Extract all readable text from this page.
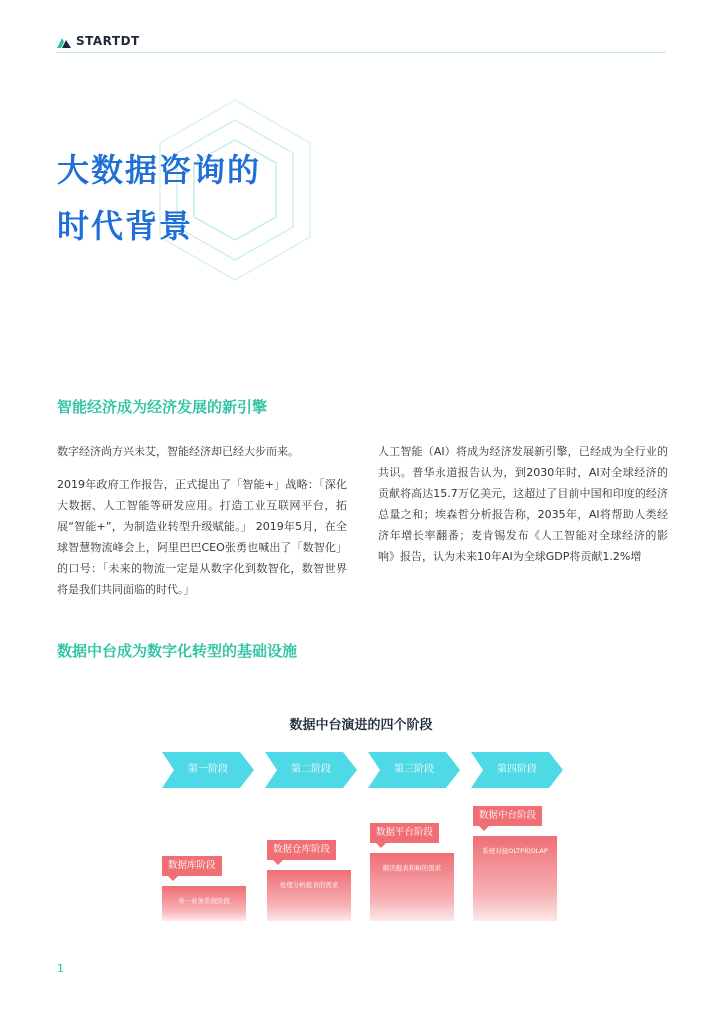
STARTDT
大数据咨询的
时代背景
智能经济成为经济发展的新引擎
数字经济尚方兴未艾，智能经济却已经大步而来。
2019年政府工作报告，正式提出了「智能+」战略：「深化大数据、人工智能等研发应用。打造工业互联网平台，拓展“智能+”，为制造业转型升级赋能。」 2019年5月，在全球智慧物流峰会上，阿里巴巴CEO张勇也喊出了「数智化」的口号：「未来的物流一定是从数字化到数智化，数智世界将是我们共同面临的时代。」
人工智能（AI）将成为经济发展新引擎，已经成为全行业的共识。普华永道报告认为，到2030年时，AI对全球经济的贡献将高达15.7万亿美元，这超过了目前中国和印度的经济总量之和；埃森哲分析报告称，2035年，AI将帮助人类经济年增长率翻番；麦肯锡发布《人工智能对全球经济的影响》报告，认为未来10年AI为全球GDP将贡献1.2%增
数据中台成为数字化转型的基础设施
数据中台演进的四个阶段
第一阶段
数据库阶段
单一业务系统阶段
第二阶段
数据仓库阶段
处理分析报表的需求
第三阶段
数据平台阶段
解决报表和BI的需求
第四阶段
数据中台阶段
系统对接OLTP和OLAP
1
